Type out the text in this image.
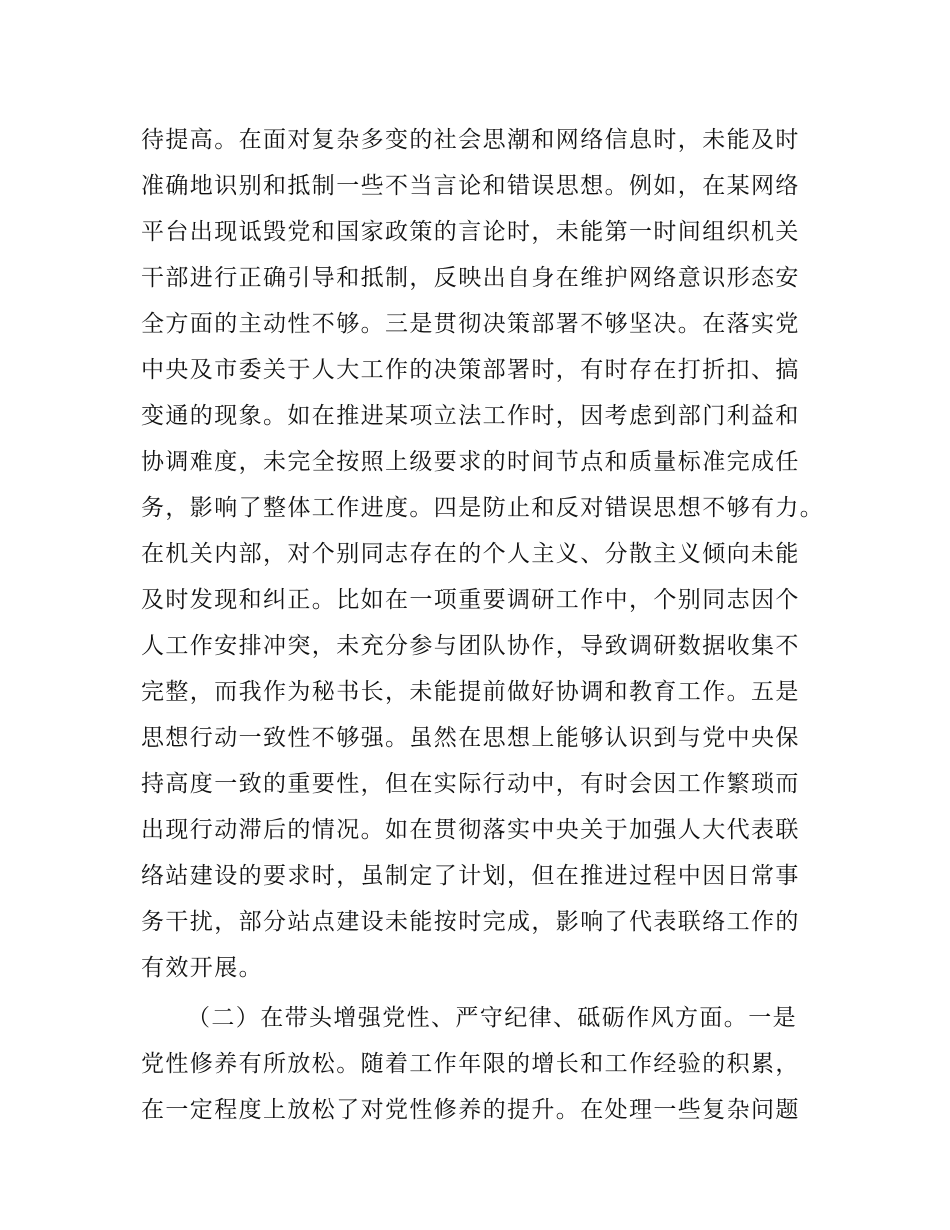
待提高。在面对复杂多变的社会思潮和网络信息时，未能及时
准确地识别和抵制一些不当言论和错误思想。例如，在某网络
平台出现诋毁党和国家政策的言论时，未能第一时间组织机关
干部进行正确引导和抵制，反映出自身在维护网络意识形态安
全方面的主动性不够。三是贯彻决策部署不够坚决。在落实党
中央及市委关于人大工作的决策部署时，有时存在打折扣、搞
变通的现象。如在推进某项立法工作时，因考虑到部门利益和
协调难度，未完全按照上级要求的时间节点和质量标准完成任
务，影响了整体工作进度。四是防止和反对错误思想不够有力。
在机关内部，对个别同志存在的个人主义、分散主义倾向未能
及时发现和纠正。比如在一项重要调研工作中，个别同志因个
人工作安排冲突，未充分参与团队协作，导致调研数据收集不
完整，而我作为秘书长，未能提前做好协调和教育工作。五是
思想行动一致性不够强。虽然在思想上能够认识到与党中央保
持高度一致的重要性，但在实际行动中，有时会因工作繁琐而
出现行动滞后的情况。如在贯彻落实中央关于加强人大代表联
络站建设的要求时，虽制定了计划，但在推进过程中因日常事
务干扰，部分站点建设未能按时完成，影响了代表联络工作的
有效开展。
（二）在带头增强党性、严守纪律、砥砺作风方面。一是
党性修养有所放松。随着工作年限的增长和工作经验的积累，
在一定程度上放松了对党性修养的提升。在处理一些复杂问题
